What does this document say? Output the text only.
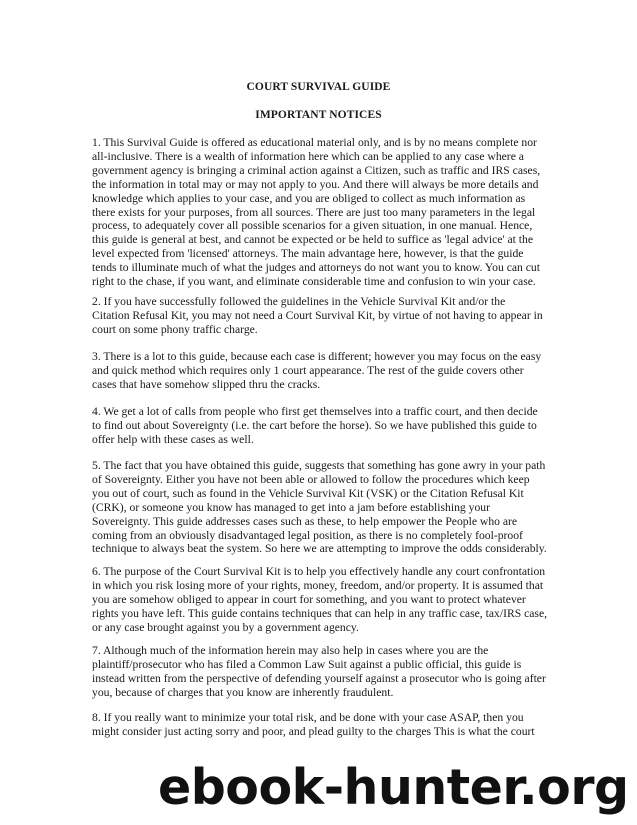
COURT SURVIVAL GUIDE
IMPORTANT NOTICES
1. This Survival Guide is offered as educational material only, and is by no means complete nor
all-inclusive. There is a wealth of information here which can be applied to any case where a
government agency is bringing a criminal action against a Citizen, such as traffic and IRS cases,
the information in total may or may not apply to you. And there will always be more details and
knowledge which applies to your case, and you are obliged to collect as much information as
there exists for your purposes, from all sources. There are just too many parameters in the legal
process, to adequately cover all possible scenarios for a given situation, in one manual. Hence,
this guide is general at best, and cannot be expected or be held to suffice as 'legal advice' at the
level expected from 'licensed' attorneys. The main advantage here, however, is that the guide
tends to illuminate much of what the judges and attorneys do not want you to know. You can cut
right to the chase, if you want, and eliminate considerable time and confusion to win your case.
2. If you have successfully followed the guidelines in the Vehicle Survival Kit and/or the
Citation Refusal Kit, you may not need a Court Survival Kit, by virtue of not having to appear in
court on some phony traffic charge.
3. There is a lot to this guide, because each case is different; however you may focus on the easy
and quick method which requires only 1 court appearance. The rest of the guide covers other
cases that have somehow slipped thru the cracks.
4. We get a lot of calls from people who first get themselves into a traffic court, and then decide
to find out about Sovereignty (i.e. the cart before the horse). So we have published this guide to
offer help with these cases as well.
5. The fact that you have obtained this guide, suggests that something has gone awry in your path
of Sovereignty. Either you have not been able or allowed to follow the procedures which keep
you out of court, such as found in the Vehicle Survival Kit (VSK) or the Citation Refusal Kit
(CRK), or someone you know has managed to get into a jam before establishing your
Sovereignty. This guide addresses cases such as these, to help empower the People who are
coming from an obviously disadvantaged legal position, as there is no completely fool-proof
technique to always beat the system. So here we are attempting to improve the odds considerably.
6. The purpose of the Court Survival Kit is to help you effectively handle any court confrontation
in which you risk losing more of your rights, money, freedom, and/or property. It is assumed that
you are somehow obliged to appear in court for something, and you want to protect whatever
rights you have left. This guide contains techniques that can help in any traffic case, tax/IRS case,
or any case brought against you by a government agency.
7. Although much of the information herein may also help in cases where you are the
plaintiff/prosecutor who has filed a Common Law Suit against a public official, this guide is
instead written from the perspective of defending yourself against a prosecutor who is going after
you, because of charges that you know are inherently fraudulent.
8. If you really want to minimize your total risk, and be done with your case ASAP, then you
might consider just acting sorry and poor, and plead guilty to the charges This is what the court
ebook-hunter.org
